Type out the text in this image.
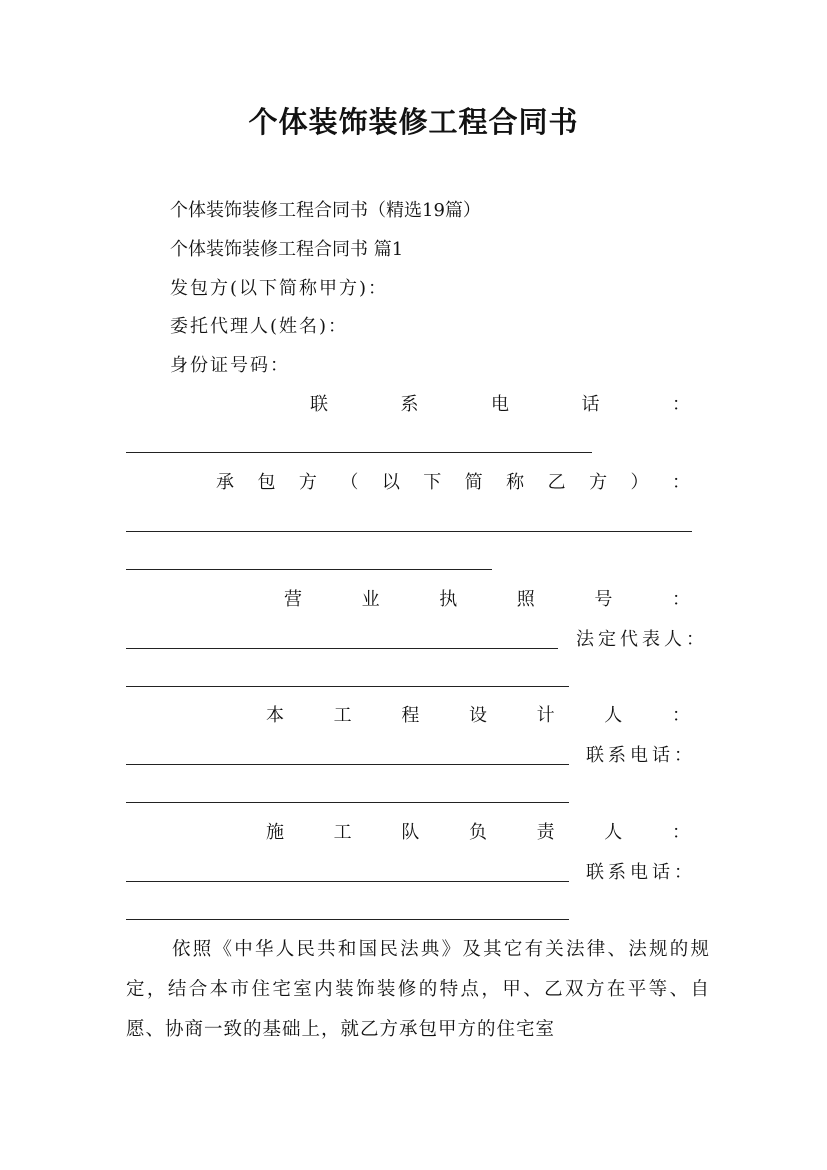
个体装饰装修工程合同书
个体装饰装修工程合同书（精选19篇）
个体装饰装修工程合同书 篇1
发包方(以下简称甲方)：
委托代理人(姓名)：
身份证号码：
联	系	电	话	：
承 包 方 （ 以 下 简 称 乙 方 ） ：
营	业	执	照	号	：
法定代表人：
本	工	程	设	计	人	：
联系电话：
施	工	队	负	责	人	：
联系电话：
依照《中华人民共和国民法典》及其它有关法律、法规的规定，结合本市住宅室内装饰装修的特点，甲、乙双方在平等、自愿、协商一致的基础上，就乙方承包甲方的住宅室
